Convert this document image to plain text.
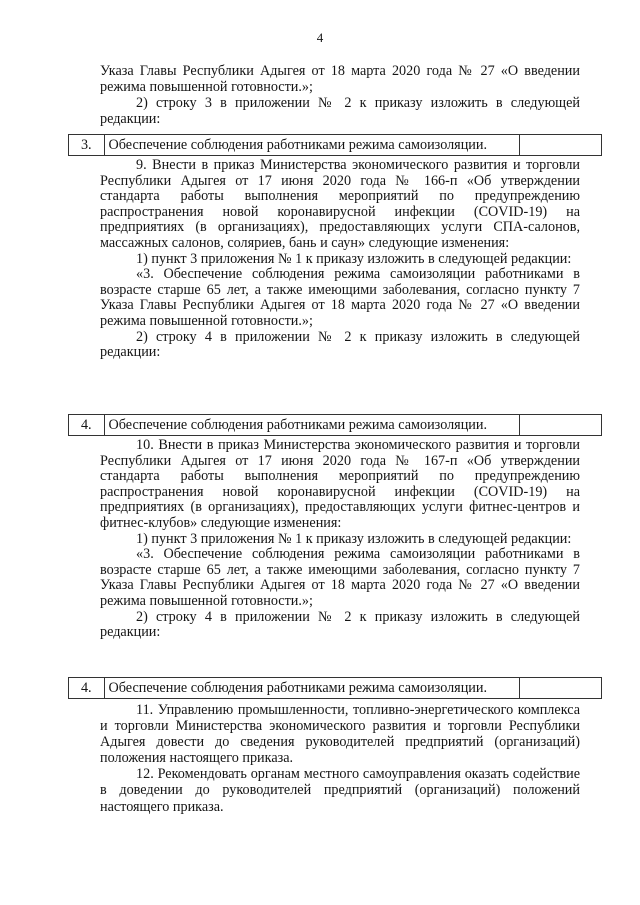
4

Указа Главы Республики Адыгея от 18 марта 2020 года № 27 «О введении режима повышенной готовности.»;

2) строку 3 в приложении № 2 к приказу изложить в следующей редакции:

3.	Обеспечение соблюдения работниками режима самоизоляции.	

9. Внести в приказ Министерства экономического развития и торговли Республики Адыгея от 17 июня 2020 года № 166-п «Об утверждении стандарта работы выполнения мероприятий по предупреждению распространения новой коронавирусной инфекции (COVID-19) на предприятиях (в организациях), предоставляющих услуги СПА-салонов, массажных салонов, соляриев, бань и саун» следующие изменения:

1) пункт 3 приложения № 1 к приказу изложить в следующей редакции:

«3. Обеспечение соблюдения режима самоизоляции работниками в возрасте старше 65 лет, а также имеющими заболевания, согласно пункту 7 Указа Главы Республики Адыгея от 18 марта 2020 года № 27 «О введении режима повышенной готовности.»;

2) строку 4 в приложении № 2 к приказу изложить в следующей редакции:

4.	Обеспечение соблюдения работниками режима самоизоляции.	

10. Внести в приказ Министерства экономического развития и торговли Республики Адыгея от 17 июня 2020 года № 167-п «Об утверждении стандарта работы выполнения мероприятий по предупреждению распространения новой коронавирусной инфекции (COVID-19) на предприятиях (в организациях), предоставляющих услуги фитнес-центров и фитнес-клубов» следующие изменения:

1) пункт 3 приложения № 1 к приказу изложить в следующей редакции:

«3. Обеспечение соблюдения режима самоизоляции работниками в возрасте старше 65 лет, а также имеющими заболевания, согласно пункту 7 Указа Главы Республики Адыгея от 18 марта 2020 года № 27 «О введении режима повышенной готовности.»;

2) строку 4 в приложении № 2 к приказу изложить в следующей редакции:

4.	Обеспечение соблюдения работниками режима самоизоляции.	

11. Управлению промышленности, топливно-энергетического комплекса и торговли Министерства экономического развития и торговли Республики Адыгея довести до сведения руководителей предприятий (организаций) положения настоящего приказа.

12. Рекомендовать органам местного самоуправления оказать содействие в доведении до руководителей предприятий (организаций) положений настоящего приказа.
